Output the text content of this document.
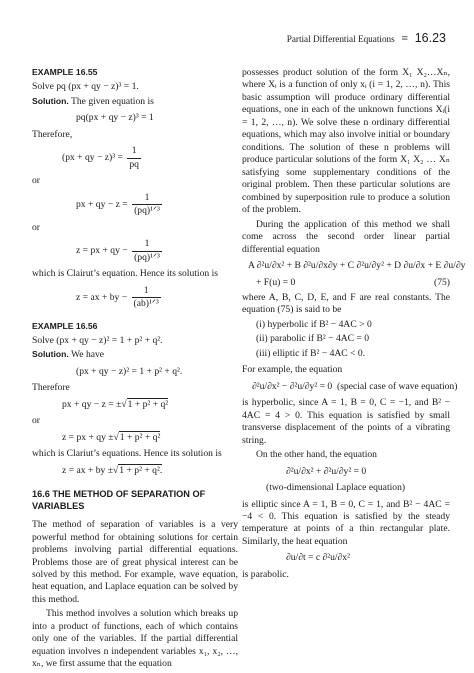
Partial Differential Equations ≡ 16.23
EXAMPLE 16.55
Solve pq (px + qy − z)³ = 1.
Solution. The given equation is
pq(px + qy − z)³ = 1
Therefore,
(px + qy − $z)^3 = \frac{1}{pq}$
or
px + qy − $z = \frac{1}{\text{(pq)¹ᐟ³}}$
or
z = px + qy − $\frac{1}{\text{(pq)¹ᐟ³}}$
which is Clairut’s equation. Hence its solution is
z = ax + by − $\frac{1}{\text{(ab)¹ᐟ³}}$
EXAMPLE 16.56
Solve (px + qy − z)² = 1 + p² + q².
Solution. We have
(px + qy − z)² = 1 + p² + q².
Therefore
px + qy − z = ±√1 + p² + q²
or
z = px + qy ±√1 + p² + q²
which is Clariut’s equations. Hence its solution is
z = ax + by ±√1 + p² + q².
16.6 THE METHOD OF SEPARATION OF VARIABLES
The method of separation of variables is a very powerful method for obtaining solutions for certain problems involving partial differential equations. Problems those are of great physical interest can be solved by this method. For example, wave equation, heat equation, and Laplace equation can be solved by this method.
This method involves a solution which breaks up into a product of functions, each of which contains only one of the variables. If the partial differential equation involves n independent variables x₁, x₂, …, xₙ, we first assume that the equation
possesses product solution of the form X₁ X₂…Xₙ, where Xᵢ is a function of only xᵢ (i = 1, 2, …, n). This basic assumption will produce ordinary differential equations, one in each of the unknown functions Xᵢ(i = 1, 2, …, n). We solve these n ordinary differential equations, which may also involve initial or boundary conditions. The solution of these n problems will produce particular solutions of the form X₁ X₂ … Xₙ satisfying some supplementary conditions of the original problem. Then these particular solutions are combined by superposition rule to produce a solution of the problem.
During the application of this method we shall come across the second order linear partial differential equation
A ∂²u/∂x² + B ∂²u/∂x∂y + C ∂²u/∂y² + D ∂u/∂x + E ∂u/∂y
+ F(u) = 0	(75)
where A, B, C, D, E, and F are real constants. The equation (75) is said to be
(i) hyperbolic if B² − 4AC > 0
(ii) parabolic if B² − 4AC = 0
(iii) elliptic if B² − 4AC < 0.
For example, the equation
∂²u/∂x² − ∂²u/∂y² = 0 (special case of wave equation)
is hyperbolic, since A = 1, B = 0, C = −1, and B² − 4AC = 4 > 0. This equation is satisfied by small transverse displacement of the points of a vibrating string.
On the other hand, the equation
∂²u/∂x² + ∂²u/∂y² = 0
(two-dimensional Laplace equation)
is elliptic since A = 1, B = 0, C = 1, and B² − 4AC = −4 < 0. This equation is satisfied by the steady temperature at points of a thin rectangular plate. Similarly, the heat equation
∂u/∂t = c ∂²u/∂x²
is parabolic.
